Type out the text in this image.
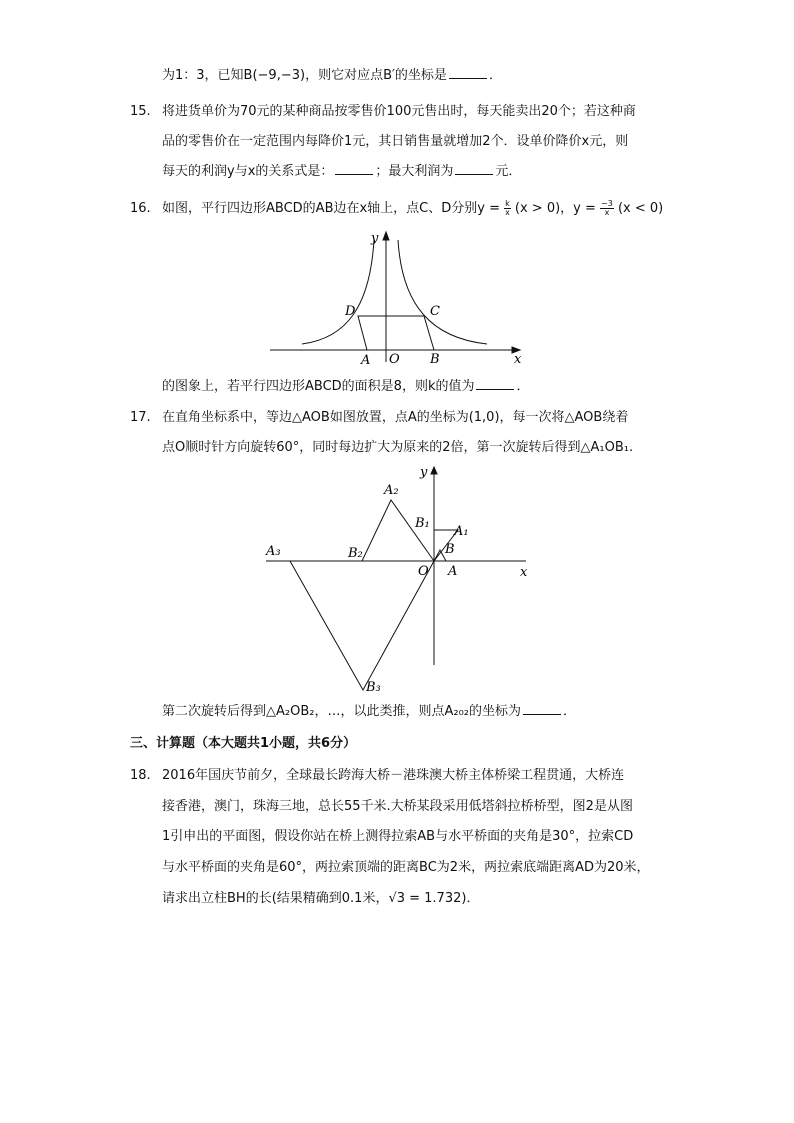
为1：3，已知B(−9,−3)，则它对应点B′的坐标是	．
15. 将进货单价为70元的某种商品按零售价100元售出时，每天能卖出20个；若这种商
品的零售价在一定范围内每降价1元，其日销售量就增加2个．设单价降价x元，则
每天的利润y与x的关系式是：	；最大利润为	元．
16. 如图，平行四边形ABCD的AB边在x轴上，点C、D分别$y = \frac{k}{x} (x > 0)$，$y = \frac{-3}{x} (x < 0)$
y
D	C
A O B	x
的图象上，若平行四边形ABCD的面积是8，则k的值为	．
17. 在直角坐标系中，等边△AOB如图放置，点A的坐标为(1,0)，每一次将△AOB绕着
点O顺时针方向旋转60°，同时每边扩大为原来的2倍，第一次旋转后得到△A₁OB₁.
y
A₂
B₁
A₁
B
A₃	B₂
O A	x
B₃
第二次旋转后得到△A₂OB₂，…，以此类推，则点A₂₀₂的坐标为	．
三、计算题（本大题共1小题，共6分）
18. 2016年国庆节前夕，全球最长跨海大桥－港珠澳大桥主体桥梁工程贯通，大桥连
接香港，澳门，珠海三地，总长55千米.大桥某段采用低塔斜拉桥桥型，图2是从图
1引申出的平面图，假设你站在桥上测得拉索AB与水平桥面的夹角是30°，拉索CD
与水平桥面的夹角是60°，两拉索顶端的距离BC为2米，两拉索底端距离AD为20米，
请求出立柱BH的长(结果精确到0.1米，√3 = 1.732)．
